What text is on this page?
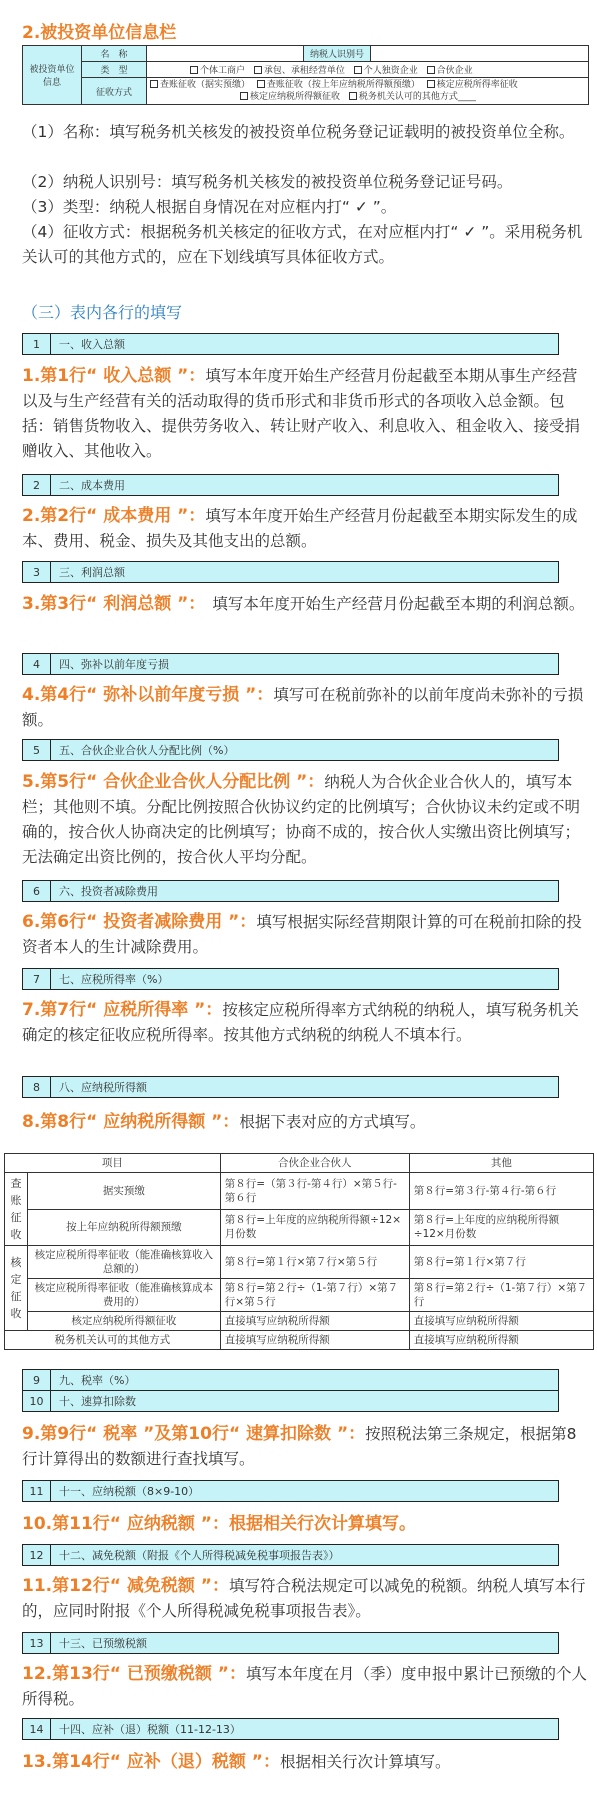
2.被投资单位信息栏
被投资单位信息	名　称		纳税人识别号	
	类　型	个体工商户 承包、承租经营单位 个人独资企业 合伙企业		
	征收方式	查账征收（据实预缴） 查账征收（按上年应纳税所得额预缴） 核定应税所得率征收
核定应纳税所得额征收 税务机关认可的其他方式____		
（1）名称：填写税务机关核发的被投资单位税务登记证载明的被投资单位全称。
（2）纳税人识别号：填写税务机关核发的被投资单位税务登记证号码。
（3）类型：纳税人根据自身情况在对应框内打“ ✓ ”。
（4）征收方式：根据税务机关核定的征收方式，在对应框内打“ ✓ ”。采用税务机关认可的其他方式的，应在下划线填写具体征收方式。
（三）表内各行的填写
1	一、收入总额
1.第1行“ 收入总额 ”：填写本年度开始生产经营月份起截至本期从事生产经营以及与生产经营有关的活动取得的货币形式和非货币形式的各项收入总金额。包括：销售货物收入、提供劳务收入、转让财产收入、利息收入、租金收入、接受捐赠收入、其他收入。
2	二、成本费用
2.第2行“ 成本费用 ”：填写本年度开始生产经营月份起截至本期实际发生的成本、费用、税金、损失及其他支出的总额。
3	三、利润总额
3.第3行“ 利润总额 ”：　填写本年度开始生产经营月份起截至本期的利润总额。
4	四、弥补以前年度亏损
4.第4行“ 弥补以前年度亏损 ”：填写可在税前弥补的以前年度尚未弥补的亏损额。
5	五、合伙企业合伙人分配比例（%）
5.第5行“ 合伙企业合伙人分配比例 ”：纳税人为合伙企业合伙人的，填写本栏；其他则不填。分配比例按照合伙协议约定的比例填写；合伙协议未约定或不明确的，按合伙人协商决定的比例填写；协商不成的，按合伙人实缴出资比例填写；无法确定出资比例的，按合伙人平均分配。
6	六、投资者减除费用
6.第6行“ 投资者减除费用 ”：填写根据实际经营期限计算的可在税前扣除的投资者本人的生计减除费用。
7	七、应税所得率（%）
7.第7行“ 应税所得率 ”：按核定应税所得率方式纳税的纳税人，填写税务机关确定的核定征收应税所得率。按其他方式纳税的纳税人不填本行。
8	八、应纳税所得额
8.第8行“ 应纳税所得额 ”：根据下表对应的方式填写。
项目		合伙企业合伙人	其他
查账征收	据实预缴	第８行=（第３行-第４行）×第５行-第６行	第８行=第３行-第４行-第６行
	按上年应纳税所得额预缴	第８行=上年度的应纳税所得额÷12×月份数	第８行=上年度的应纳税所得额÷12×月份数
核定征收	核定应税所得率征收（能准确核算收入总额的）	第８行=第１行×第７行×第５行	第８行=第１行×第７行
	核定应税所得率征收（能准确核算成本费用的）	第８行=第２行÷（1-第７行）×第７行×第５行	第８行=第２行÷（1-第７行）×第７行
	核定应纳税所得额征收	直接填写应纳税所得额	直接填写应纳税所得额
税务机关认可的其他方式		直接填写应纳税所得额	直接填写应纳税所得额
9	九、税率（%）
10	十、速算扣除数
9.第9行“ 税率 ”及第10行“ 速算扣除数 ”：按照税法第三条规定，根据第8行计算得出的数额进行查找填写。
11	十一、应纳税额（8×9-10）
10.第11行“ 应纳税额 ”：根据相关行次计算填写。
12	十二、减免税额（附报《个人所得税减免税事项报告表》）
11.第12行“ 减免税额 ”：填写符合税法规定可以减免的税额。纳税人填写本行的，应同时附报《个人所得税减免税事项报告表》。
13	十三、已预缴税额
12.第13行“ 已预缴税额 ”：填写本年度在月（季）度申报中累计已预缴的个人所得税。
14	十四、应补（退）税额（11-12-13）
13.第14行“ 应补（退）税额 ”：根据相关行次计算填写。
